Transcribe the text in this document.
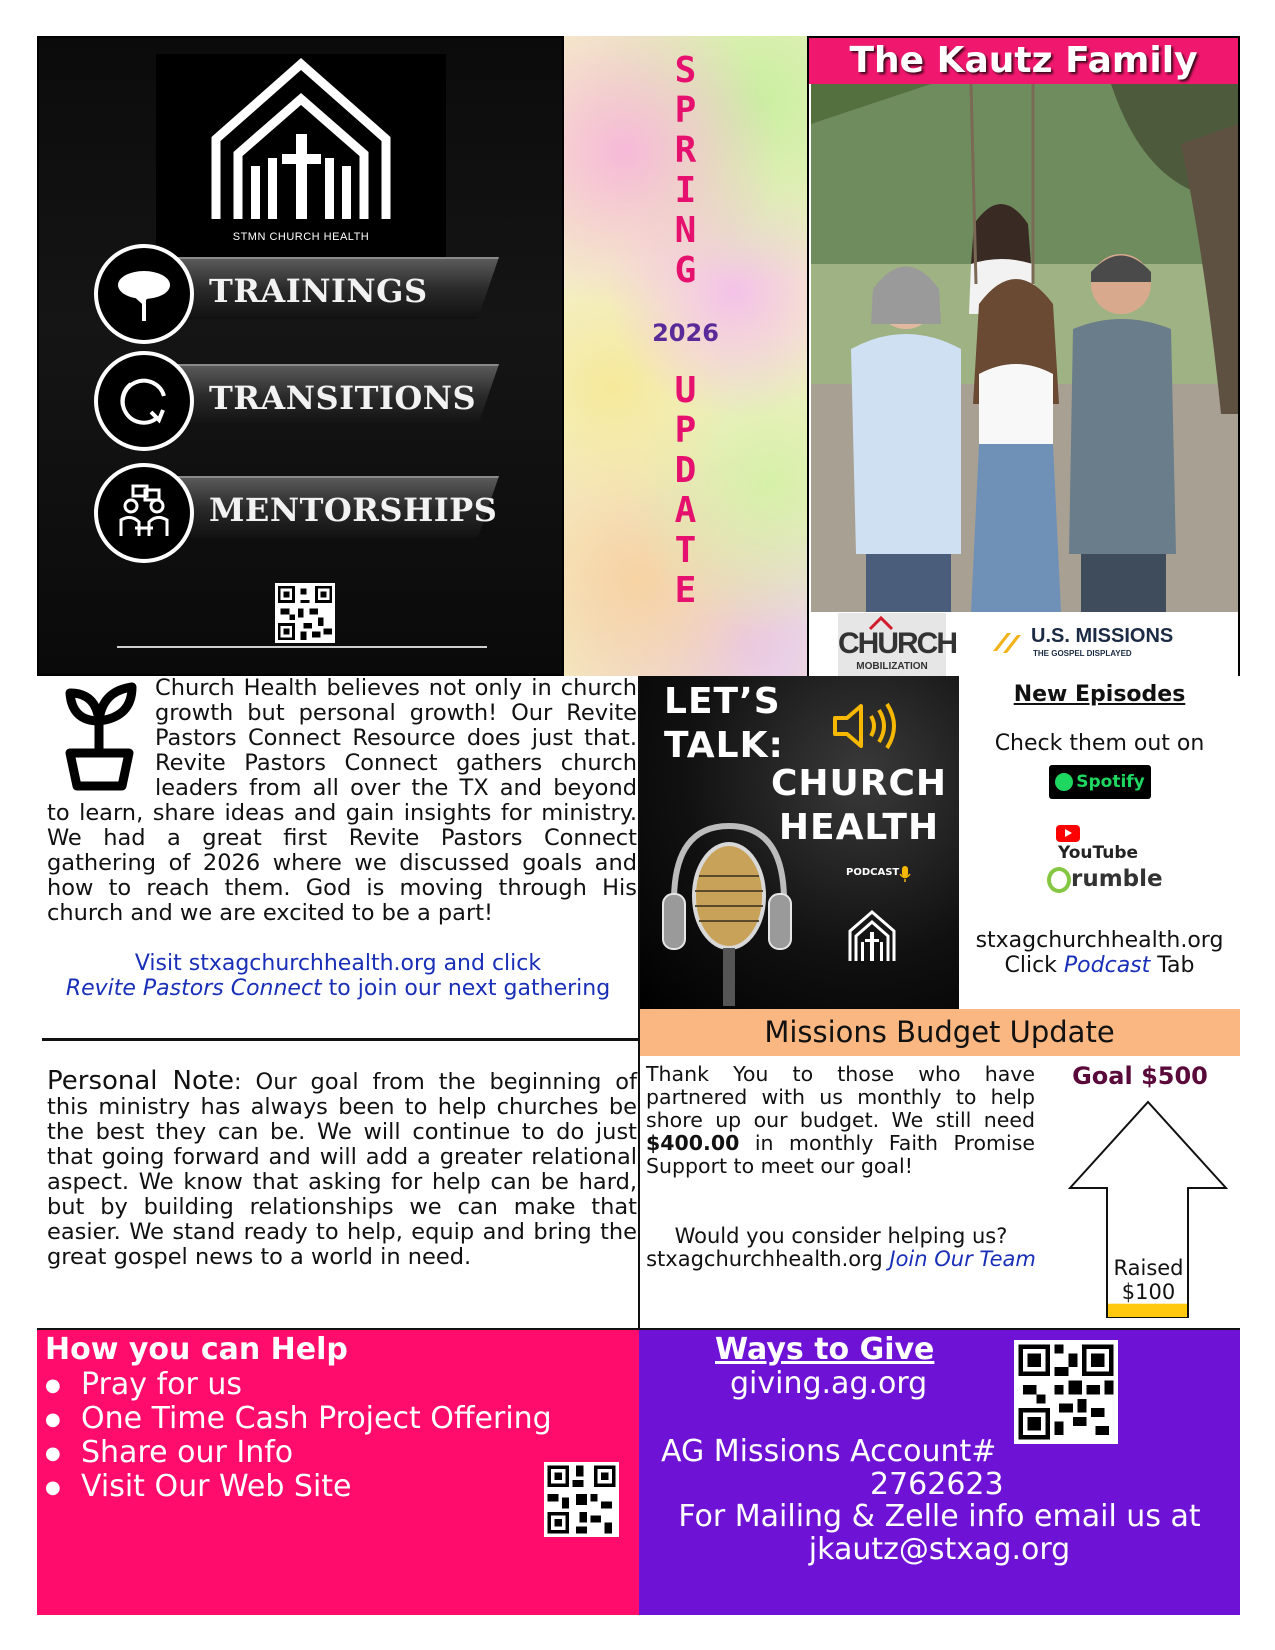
STMN CHURCH HEALTH
TRAININGS
TRANSITIONS
MENTORSHIPS
S
P
R
I
N
G
2026
U
P
D
A
T
E
The Kautz Family
CHURCH
MOBILIZATION
U.S. MISSIONS
THE GOSPEL DISPLAYED
Church Health believes not only in church growth but personal growth! Our Revite Pastors Connect Resource does just that. Revite Pastors Connect gathers church leaders from all over the TX and beyond to learn, share ideas and gain insights for ministry. We had a great first Revite Pastors Connect gathering of 2026 where we discussed goals and how to reach them. God is moving through His church and we are excited to be a part!
Visit stxagchurchhealth.org and click
Revite Pastors Connect to join our next gathering
Personal Note: Our goal from the beginning of this ministry has always been to help churches be the best they can be. We will continue to do just that going forward and will add a greater relational aspect. We know that asking for help can be hard, but by building relationships we can make that easier. We stand ready to help, equip and bring the great gospel news to a world in need.
LET’S
TALK:
CHURCH
HEALTH
PODCAST
New Episodes
Check them out on
Spotify
YouTube
rumble
stxagchurchhealth.org
Click Podcast Tab
Missions Budget Update
Thank You to those who have partnered with us monthly to help shore up our budget. We still need $400.00 in monthly Faith Promise Support to meet our goal!
Would you consider helping us?
stxagchurchhealth.org Join Our Team
Goal $500
Raised
$100
How you can Help
● Pray for us
● One Time Cash Project Offering
● Share our Info
● Visit Our Web Site
Ways to Give
giving.ag.org
AG Missions Account#
2762623
For Mailing & Zelle info email us at
jkautz@stxag.org
